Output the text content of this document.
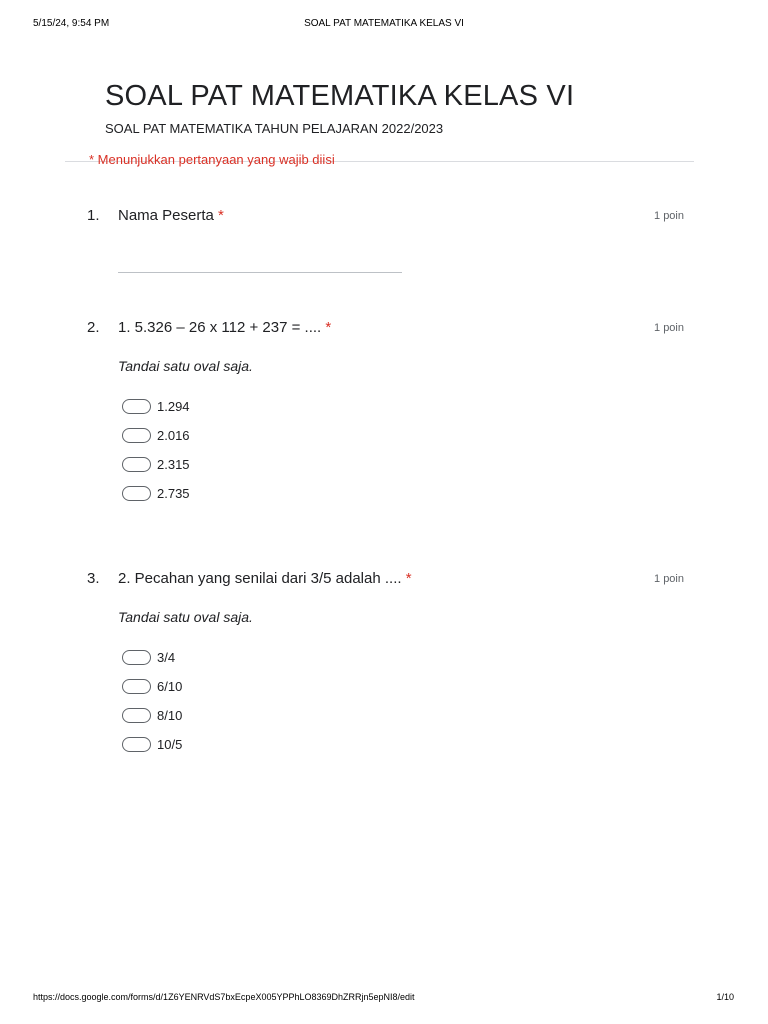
5/15/24, 9:54 PM	SOAL PAT MATEMATIKA KELAS VI
SOAL PAT MATEMATIKA KELAS VI
SOAL PAT MATEMATIKA TAHUN PELAJARAN 2022/2023
* Menunjukkan pertanyaan yang wajib diisi
1. Nama Peserta *	1 poin
2. 1. 5.326 – 26 x 112 + 237 = .... *	1 poin
Tandai satu oval saja.
1.294
2.016
2.315
2.735
3. 2. Pecahan yang senilai dari 3/5 adalah .... *	1 poin
Tandai satu oval saja.
3/4
6/10
8/10
10/5
https://docs.google.com/forms/d/1Z6YENRVdS7bxEcpeX005YPPhLO8369DhZRRjn5epNI8/edit	1/10
